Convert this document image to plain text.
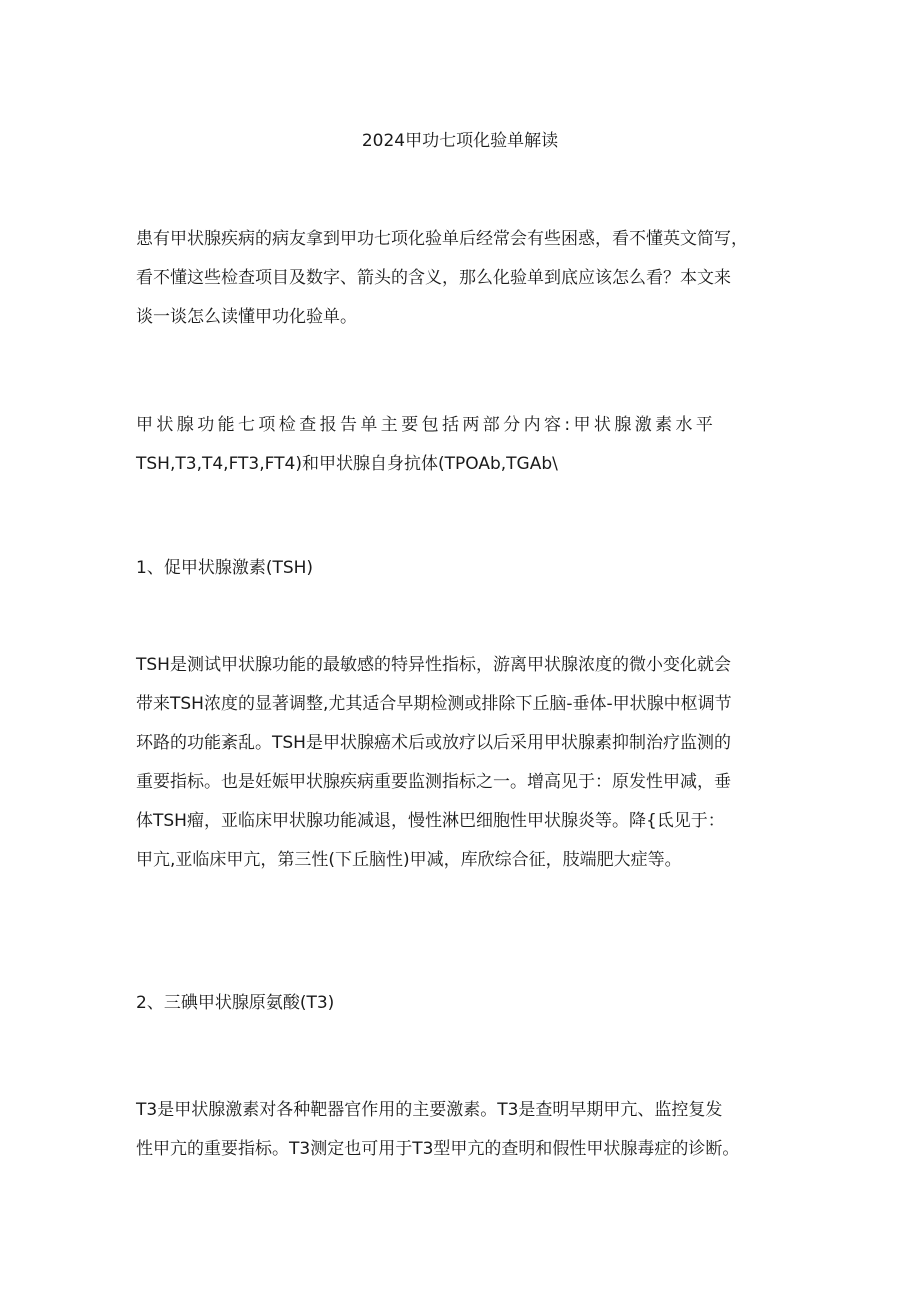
2024甲功七项化验单解读
患有甲状腺疾病的病友拿到甲功七项化验单后经常会有些困惑，看不懂英文简写，
看不懂这些检查项目及数字、箭头的含义，那么化验单到底应该怎么看？本文来
谈一谈怎么读懂甲功化验单。
甲状腺功能七项检查报告单主要包括两部分内容:甲状腺激素水平
TSH,T3,T4,FT3,FT4)和甲状腺自身抗体(TPOAb,TGAb\
1、促甲状腺激素(TSH)
TSH是测试甲状腺功能的最敏感的特异性指标，游离甲状腺浓度的微小变化就会
带来TSH浓度的显著调整,尤其适合早期检测或排除下丘脑-垂体-甲状腺中枢调节
环路的功能紊乱。TSH是甲状腺癌术后或放疗以后采用甲状腺素抑制治疗监测的
重要指标。也是妊娠甲状腺疾病重要监测指标之一。增高见于：原发性甲减，垂
体TSH瘤，亚临床甲状腺功能减退，慢性淋巴细胞性甲状腺炎等。降{氐见于：
甲亢,亚临床甲亢，第三性(下丘脑性)甲减，库欣综合征，肢端肥大症等。
2、三碘甲状腺原氨酸(T3)
T3是甲状腺激素对各种靶器官作用的主要激素。T3是查明早期甲亢、监控复发
性甲亢的重要指标。T3测定也可用于T3型甲亢的查明和假性甲状腺毒症的诊断。
